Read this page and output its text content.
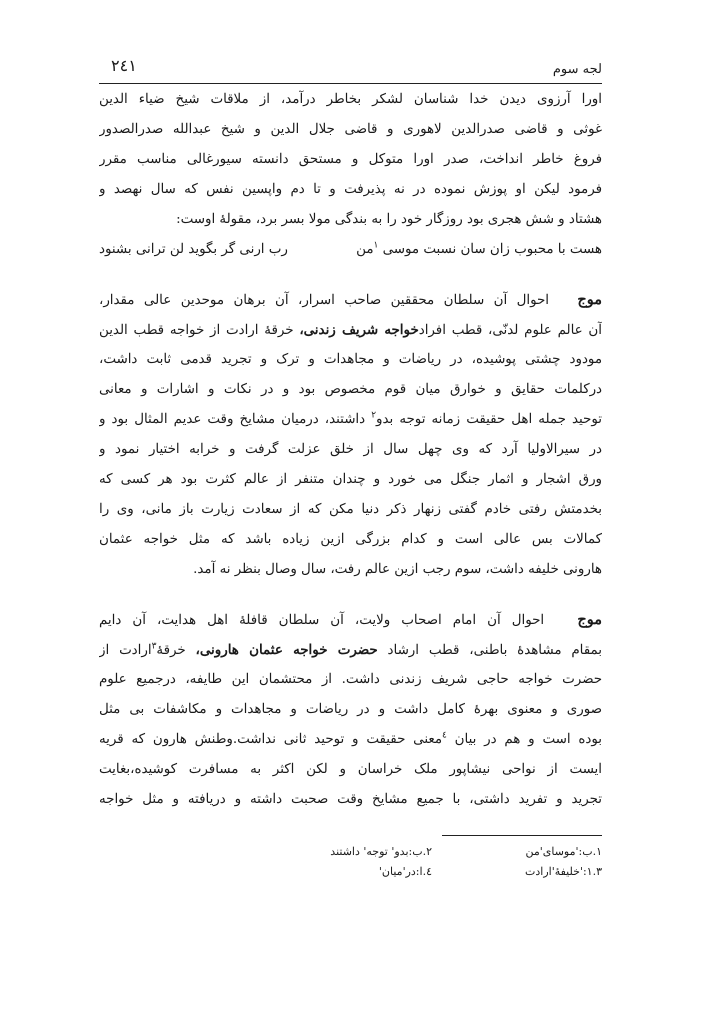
لجه سوم
۲٤۱
اورا آرزوی دیدن خدا شناسان لشکر بخاطر درآمد، از ملاقات شیخ ضیاء الدین
غوثی و قاضی صدرالدین لاهوری و قاضی جلال الدین و شیخ عبدالله صدرالصدور
فروغ خاطر انداخت، صدر اورا متوکل و مستحق دانسته سیورغالی مناسب مقرر
فرمود لیکن او پوزش نموده در نه پذیرفت و تا دم واپسین نفس که سال نهصد و
هشتاد و شش هجری بود روزگار خود را به بندگی مولا بسر برد، مقولهٔ اوست:
هست با محبوب زان سان نسبت موسی $^۱$من
رب ارنی گر بگوید لن ترانی بشنود
موج   احوال آن سلطان محققین صاحب اسرار، آن برهان موحدین عالی مقدار،
آن عالم علوم لدنّی، قطب افرادخواجه شریف زندنی، خرقهٔ ارادت از خواجه قطب الدین
مودود چشتی پوشیده، در ریاضات و مجاهدات و ترک و تجرید قدمی ثابت داشت،
درکلمات حقایق و خوارق میان قوم مخصوص بود و در نکات و اشارات و معانی
توحید جمله اهل حقیقت زمانه توجه بدو$^۲$ داشتند، درمیان مشایخ وقت عدیم المثال بود و
در سیرالاولیا آرد که وی چهل سال از خلق عزلت گرفت و خرابه اختیار نمود و
ورق اشجار و اثمار جنگل می خورد و چندان متنفر از عالم کثرت بود هر کسی که
بخدمتش رفتی خادم گفتی زنهار ذکر دنیا مکن که از سعادت زیارت باز مانی، وی را
کمالات بس عالی است و کدام بزرگی ازین زیاده باشد که مثل خواجه عثمان
هارونی خلیفه داشت، سوم رجب ازین عالم رفت، سال وصال بنظر نه آمد.
موج   احوال آن امام اصحاب ولایت، آن سلطان قافلهٔ اهل هدایت، آن دایم
بمقام مشاهدهٔ باطنی، قطب ارشاد حضرت خواجه عثمان هارونی، خرقهٔ$^۳$ارادت از
حضرت خواجه حاجی شریف زندنی داشت. از محتشمان این طایفه، درجمیع علوم
صوری و معنوی بهرهٔ کامل داشت و در ریاضات و مجاهدات و مکاشفات بی مثل
بوده است و هم در بیان $^٤$معنی حقیقت و توحید ثانی نداشت.وطنش هارون که قریه
ایست از نواحی نیشاپور ملک خراسان و لکن اکثر به مسافرت کوشیده،بغایت
تجرید و تفرید داشتی، با جمیع مشایخ وقت صحبت داشته و دریافته و مثل خواجه
۱.ب:'موسای'من
۲.ب:بدو' توجه' داشتند
۱.۳:'خلیفهٔ'ارادت
٤.ا:در'میان'
